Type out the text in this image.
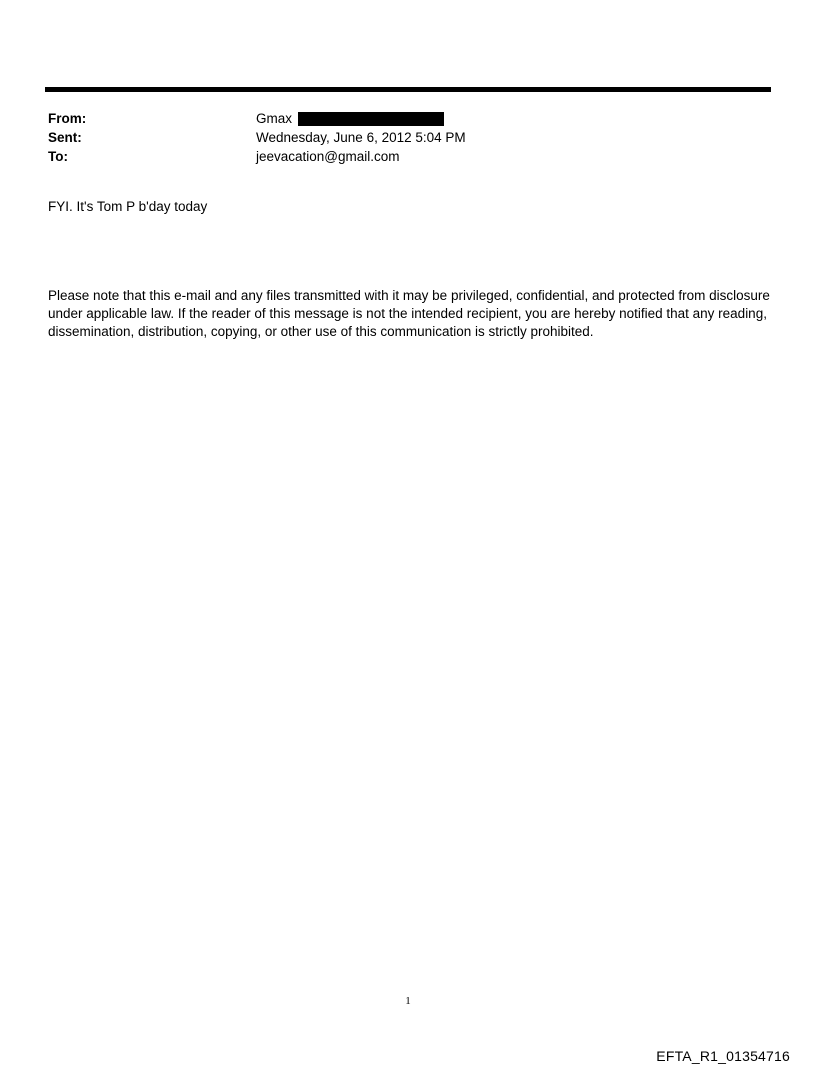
From:	Gmax
Sent:	Wednesday, June 6, 2012 5:04 PM
To:	jeevacation@gmail.com
FYI. It's Tom P b'day today
Please note that this e-mail and any files transmitted with it may be privileged, confidential, and protected from disclosure under applicable law. If the reader of this message is not the intended recipient, you are hereby notified that any reading, dissemination, distribution, copying, or other use of this communication is strictly prohibited.
1
EFTA_R1_01354716
